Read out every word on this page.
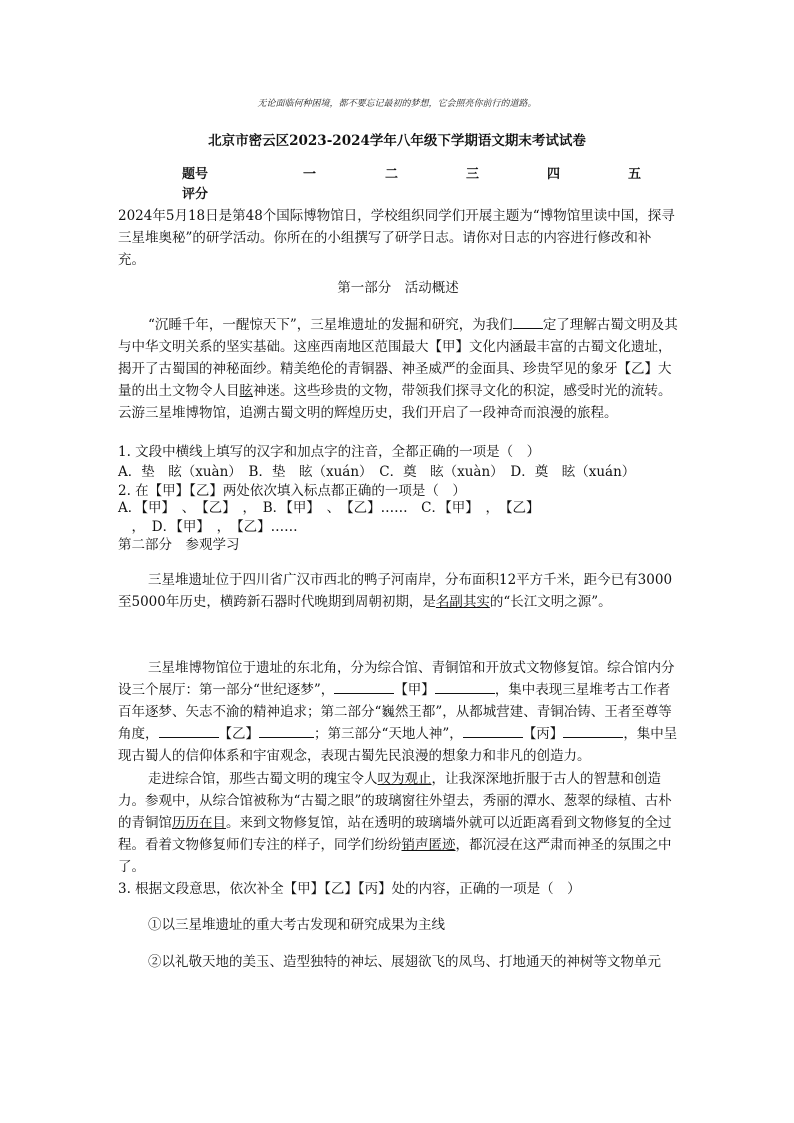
无论面临何种困境，都不要忘记最初的梦想，它会照亮你前行的道路。
北京市密云区2023-2024学年八年级下学期语文期末考试试卷
题号	一	二	三	四	五
评分
2024年5月18日是第48个国际博物馆日，学校组织同学们开展主题为“博物馆里读中国，探寻三星堆奥秘”的研学活动。你所在的小组撰写了研学日志。请你对日志的内容进行修改和补充。
第一部分　活动概述
“沉睡千年，一醒惊天下”，三星堆遗址的发掘和研究，为我们 定了理解古蜀文明及其与中华文明关系的坚实基础。这座西南地区范围最大【甲】文化内涵最丰富的古蜀文化遗址，揭开了古蜀国的神秘面纱。精美绝伦的青铜器、神圣威严的金面具、珍贵罕见的象牙【乙】大量的出土文物令人目眩神迷。这些珍贵的文物，带领我们探寻文化的积淀，感受时光的流转。云游三星堆博物馆，追溯古蜀文明的辉煌历史，我们开启了一段神奇而浪漫的旅程。
1. 文段中横线上填写的汉字和加点字的注音，全都正确的一项是（　）
A．垫　眩（xuàn）　B．垫　眩（xuán）　C．奠　眩（xuàn）　D．奠　眩（xuán）
2. 在【甲】【乙】两处依次填入标点都正确的一项是（　）
A．【甲】　、　【乙】　，　B．【甲】　、　【乙】……　C．【甲】　，　【乙】
　，　D．【甲】　，　【乙】……
第二部分　参观学习
三星堆遗址位于四川省广汉市西北的鸭子河南岸，分布面积12平方千米，距今已有3000至5000年历史，横跨新石器时代晚期到周朝初期，是名副其实的“长江文明之源”。
三星堆博物馆位于遗址的东北角，分为综合馆、青铜馆和开放式文物修复馆。综合馆内分设三个展厅：第一部分“世纪逐梦”，	【甲】	，集中表现三星堆考古工作者百年逐梦、矢志不渝的精神追求；第二部分“巍然王都”，从都城营建、青铜冶铸、王者至尊等角度，	【乙】	；第三部分“天地人神”，	【丙】	，集中呈现古蜀人的信仰体系和宇宙观念，表现古蜀先民浪漫的想象力和非凡的创造力。
走进综合馆，那些古蜀文明的瑰宝令人叹为观止，让我深深地折服于古人的智慧和创造力。参观中，从综合馆被称为“古蜀之眼”的玻璃窗往外望去，秀丽的潭水、葱翠的绿植、古朴的青铜馆历历在目。来到文物修复馆，站在透明的玻璃墙外就可以近距离看到文物修复的全过程。看着文物修复师们专注的样子，同学们纷纷销声匿迹，都沉浸在这严肃而神圣的氛围之中了。
3. 根据文段意思，依次补全【甲】【乙】【丙】处的内容，正确的一项是（　）
①以三星堆遗址的重大考古发现和研究成果为主线
②以礼敬天地的美玉、造型独特的神坛、展翅欲飞的凤鸟、打地通天的神树等文物单元
